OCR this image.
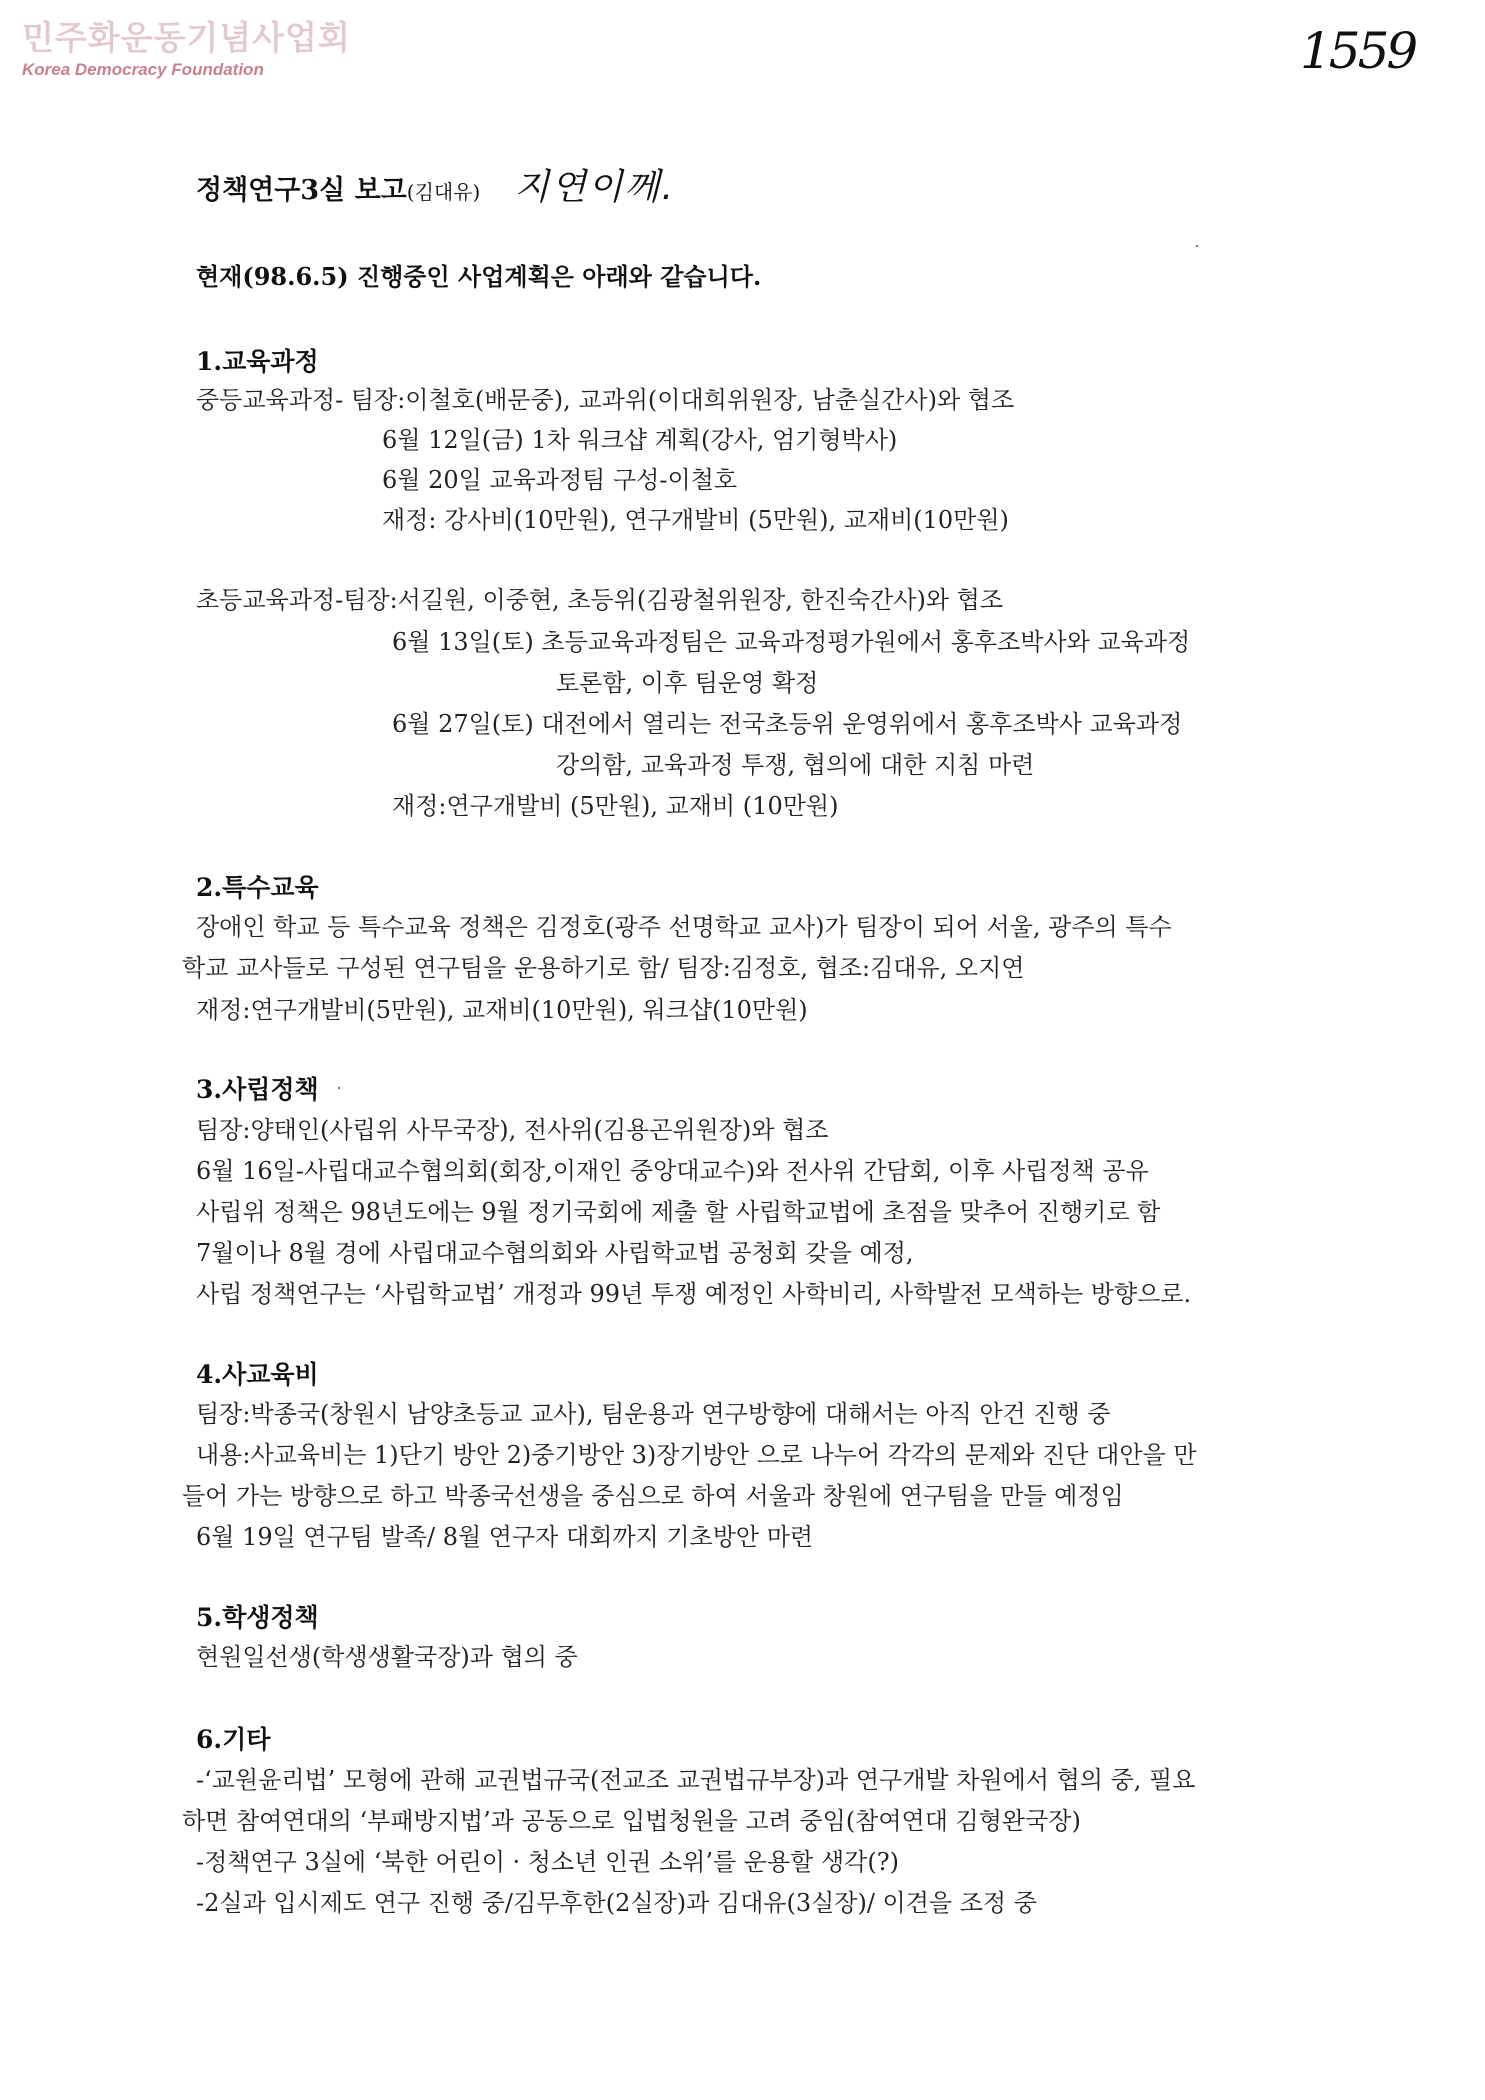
민주화운동기념사업회
Korea Democracy Foundation	1559
정책연구3실 보고(김대유) 지연이께.
현재(98.6.5) 진행중인 사업계획은 아래와 같습니다.
1.교육과정
중등교육과정- 팀장:이철호(배문중), 교과위(이대희위원장, 남춘실간사)와 협조
6월 12일(금) 1차 워크샵 계획(강사, 엄기형박사)
6월 20일 교육과정팀 구성-이철호
재정: 강사비(10만원), 연구개발비 (5만원), 교재비(10만원)
초등교육과정-팀장:서길원, 이중현, 초등위(김광철위원장, 한진숙간사)와 협조
6월 13일(토) 초등교육과정팀은 교육과정평가원에서 홍후조박사와 교육과정
토론함, 이후 팀운영 확정
6월 27일(토) 대전에서 열리는 전국초등위 운영위에서 홍후조박사 교육과정
강의함, 교육과정 투쟁, 협의에 대한 지침 마련
재정:연구개발비 (5만원), 교재비 (10만원)
2.특수교육
장애인 학교 등 특수교육 정책은 김정호(광주 선명학교 교사)가 팀장이 되어 서울, 광주의 특수
학교 교사들로 구성된 연구팀을 운용하기로 함/ 팀장:김정호, 협조:김대유, 오지연
재정:연구개발비(5만원), 교재비(10만원), 워크샵(10만원)
3.사립정책
팀장:양태인(사립위 사무국장), 전사위(김용곤위원장)와 협조
6월 16일-사립대교수협의회(회장,이재인 중앙대교수)와 전사위 간담회, 이후 사립정책 공유
사립위 정책은 98년도에는 9월 정기국회에 제출 할 사립학교법에 초점을 맞추어 진행키로 함
7월이나 8월 경에 사립대교수협의회와 사립학교법 공청회 갖을 예정,
사립 정책연구는 ‘사립학교법’ 개정과 99년 투쟁 예정인 사학비리, 사학발전 모색하는 방향으로.
4.사교육비
팀장:박종국(창원시 남양초등교 교사), 팀운용과 연구방향에 대해서는 아직 안건 진행 중
내용:사교육비는 1)단기 방안 2)중기방안 3)장기방안 으로 나누어 각각의 문제와 진단 대안을 만
들어 가는 방향으로 하고 박종국선생을 중심으로 하여 서울과 창원에 연구팀을 만들 예정임
6월 19일 연구팀 발족/ 8월 연구자 대회까지 기초방안 마련
5.학생정책
현원일선생(학생생활국장)과 협의 중
6.기타
-‘교원윤리법’ 모형에 관해 교권법규국(전교조 교권법규부장)과 연구개발 차원에서 협의 중, 필요
하면 참여연대의 ‘부패방지법’과 공동으로 입법청원을 고려 중임(참여연대 김형완국장)
-정책연구 3실에 ‘북한 어린이 · 청소년 인권 소위’를 운용할 생각(?)
-2실과 입시제도 연구 진행 중/김무후한(2실장)과 김대유(3실장)/ 이견을 조정 중
